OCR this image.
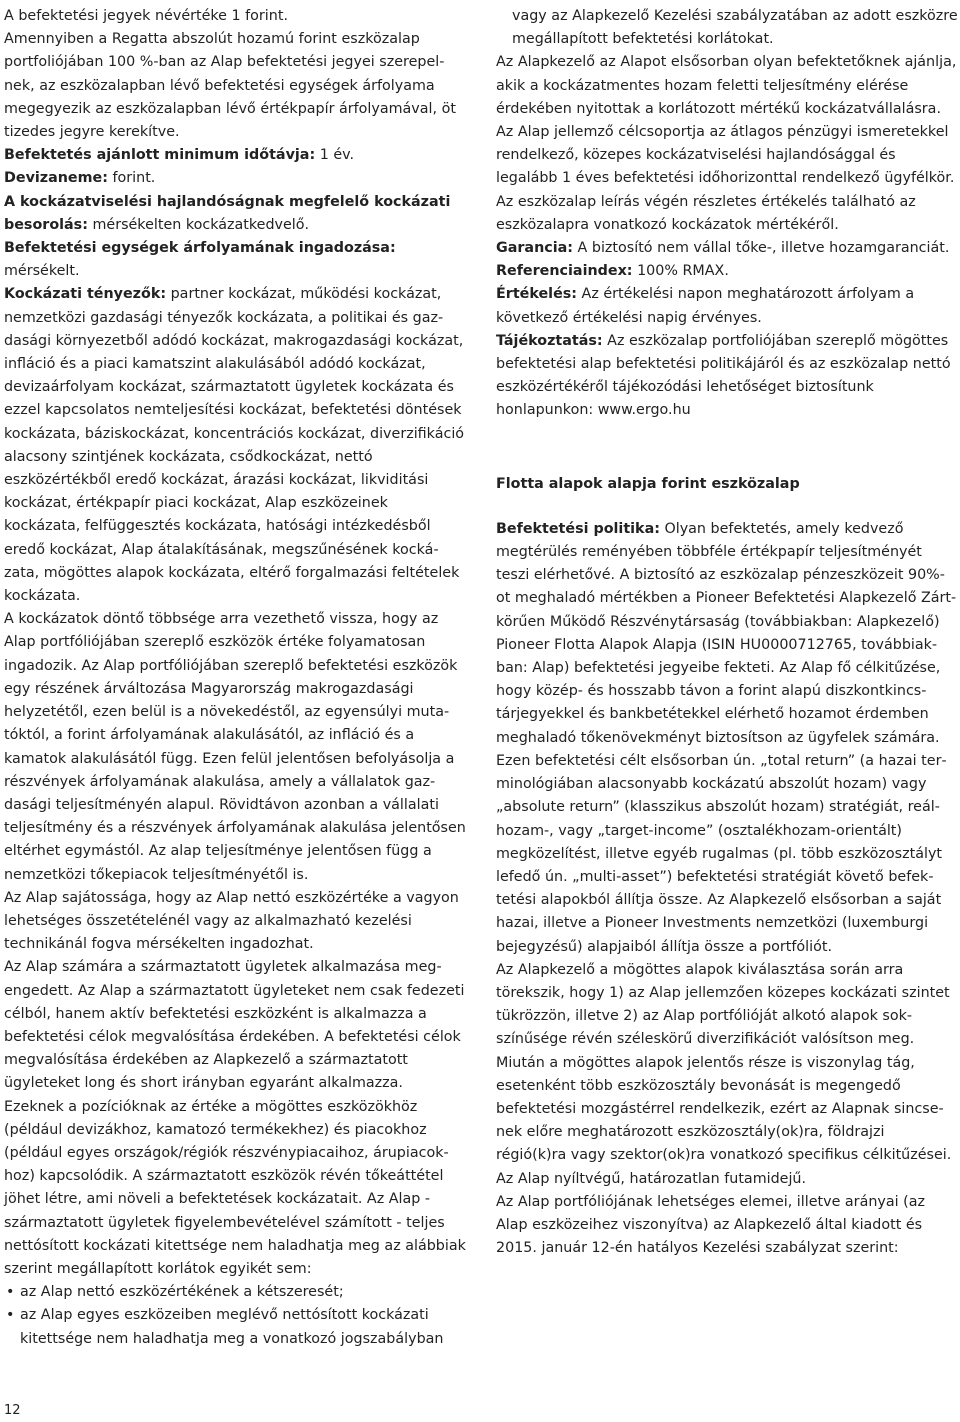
A befektetési jegyek névértéke 1 forint.

Amennyiben a Regatta abszolút hozamú forint eszközalap portfoliójában 100 %-ban az Alap befektetési jegyei szerepelnek, az eszközalapban lévő befektetési egységek árfolyama megegyezik az eszközalapban lévő értékpapír árfolyamával, öt tizedes jegyre kerekítve.

Befektetés ajánlott minimum időtávja: 1 év.

Devizaneme: forint.

A kockázatviselési hajlandóságnak megfelelő kockázati besorolás: mérsékelten kockázatkedvelő.

Befektetési egységek árfolyamának ingadozása: mérsékelt.

Kockázati tényezők: partner kockázat, működési kockázat, nemzetközi gazdasági tényezők kockázata, a politikai és gazdasági környezetből adódó kockázat, makrogazdasági kockázat, infláció és a piaci kamatszint alakulásából adódó kockázat, devizaárfolyam kockázat, származtatott ügyletek kockázata és ezzel kapcsolatos nemteljesítési kockázat, befektetési döntések kockázata, báziskockázat, koncentrációs kockázat, diverzifikáció alacsony szintjének kockázata, csődkockázat, nettó eszközértékből eredő kockázat, árazási kockázat, likviditási kockázat, értékpapír piaci kockázat, Alap eszközeinek kockázata, felfüggesztés kockázata, hatósági intézkedésből eredő kockázat, Alap átalakításának, megszűnésének kockázata, mögöttes alapok kockázata, eltérő forgalmazási feltételek kockázata.

A kockázatok döntő többsége arra vezethető vissza, hogy az Alap portfóliójában szereplő eszközök értéke folyamatosan ingadozik. Az Alap portfóliójában szereplő befektetési eszközök egy részének árváltozása Magyarország makrogazdasági helyzetétől, ezen belül is a növekedéstől, az egyensúlyi mutatóktól, a forint árfolyamának alakulásától, az infláció és a kamatok alakulásától függ. Ezen felül jelentősen befolyásolja a részvények árfolyamának alakulása, amely a vállalatok gazdasági teljesítményén alapul. Rövidtávon azonban a vállalati teljesítmény és a részvények árfolyamának alakulása jelentősen eltérhet egymástól. Az alap teljesítménye jelentősen függ a nemzetközi tőkepiacok teljesítményétől is.

Az Alap sajátossága, hogy az Alap nettó eszközértéke a vagyon lehetséges összetételénél vagy az alkalmazható kezelési technikánál fogva mérsékelten ingadozhat.

Az Alap számára a származtatott ügyletek alkalmazása megengedett. Az Alap a származtatott ügyleteket nem csak fedezeti célból, hanem aktív befektetési eszközként is alkalmazza a befektetési célok megvalósítása érdekében. A befektetési célok megvalósítása érdekében az Alapkezelő a származtatott ügyleteket long és short irányban egyaránt alkalmazza. Ezeknek a pozícióknak az értéke a mögöttes eszközökhöz (például devizákhoz, kamatozó termékekhez) és piacokhoz (például egyes országok/régiók részvénypiacaihoz, árupiacokhoz) kapcsolódik. A származtatott eszközök révén tőkeáttétel jöhet létre, ami növeli a befektetések kockázatait. Az Alap - származtatott ügyletek figyelembevételével számított - teljes nettósított kockázati kitettsége nem haladhatja meg az alábbiak szerint megállapított korlátok egyikét sem:

• az Alap nettó eszközértékének a kétszeresét;
• az Alap egyes eszközeiben meglévő nettósított kockázati kitettsége nem haladhatja meg a vonatkozó jogszabályban

vagy az Alapkezelő Kezelési szabályzatában az adott eszközre megállapított befektetési korlátokat.

Az Alapkezelő az Alapot elsősorban olyan befektetőknek ajánlja, akik a kockázatmentes hozam feletti teljesítmény elérése érdekében nyitottak a korlátozott mértékű kockázatvállalásra. Az Alap jellemző célcsoportja az átlagos pénzügyi ismeretekkel rendelkező, közepes kockázatviselési hajlandósággal és legalább 1 éves befektetési időhorizonttal rendelkező ügyfélkör.

Az eszközalap leírás végén részletes értékelés található az eszközalapra vonatkozó kockázatok mértékéről.

Garancia: A biztosító nem vállal tőke-, illetve hozamgaranciát.

Referenciaindex: 100% RMAX.

Értékelés: Az értékelési napon meghatározott árfolyam a következő értékelési napig érvényes.

Tájékoztatás: Az eszközalap portfoliójában szereplő mögöttes befektetési alap befektetési politikájáról és az eszközalap nettó eszközértékéről tájékozódási lehetőséget biztosítunk honlapunkon: www.ergo.hu

Flotta alapok alapja forint eszközalap

Befektetési politika: Olyan befektetés, amely kedvező megtérülés reményében többféle értékpapír teljesítményét teszi elérhetővé. A biztosító az eszközalap pénzeszközeit 90%-ot meghaladó mértékben a Pioneer Befektetési Alapkezelő Zártkörűen Működő Részvénytársaság (továbbiakban: Alapkezelő) Pioneer Flotta Alapok Alapja (ISIN HU0000712765, továbbiakban: Alap) befektetési jegyeibe fekteti. Az Alap fő célkitűzése, hogy közép- és hosszabb távon a forint alapú diszkontkincstárjegyekkel és bankbetétekkel elérhető hozamot érdemben meghaladó tőkenövekményt biztosítson az ügyfelek számára. Ezen befektetési célt elsősorban ún. „total return” (a hazai terminológiában alacsonyabb kockázatú abszolút hozam) vagy „absolute return” (klasszikus abszolút hozam) stratégiát, reálhozam-, vagy „target-income” (osztalékhozam-orientált) megközelítést, illetve egyéb rugalmas (pl. több eszközosztályt lefedő ún. „multi-asset”) befektetési stratégiát követő befektetési alapokból állítja össze. Az Alapkezelő elsősorban a saját hazai, illetve a Pioneer Investments nemzetközi (luxemburgi bejegyzésű) alapjaiból állítja össze a portfóliót.

Az Alapkezelő a mögöttes alapok kiválasztása során arra törekszik, hogy 1) az Alap jellemzően közepes kockázati szintet tükrözzön, illetve 2) az Alap portfólióját alkotó alapok sokszínűsége révén széleskörű diverzifikációt valósítson meg. Miután a mögöttes alapok jelentős része is viszonylag tág, esetenként több eszközosztály bevonását is megengedő befektetési mozgástérrel rendelkezik, ezért az Alapnak sincsenek előre meghatározott eszközosztály(ok)ra, földrajzi régió(k)ra vagy szektor(ok)ra vonatkozó specifikus célkitűzései.

Az Alap nyíltvégű, határozatlan futamidejű.

Az Alap portfóliójának lehetséges elemei, illetve arányai (az Alap eszközeihez viszonyítva) az Alapkezelő által kiadott és 2015. január 12-én hatályos Kezelési szabályzat szerint:

12
